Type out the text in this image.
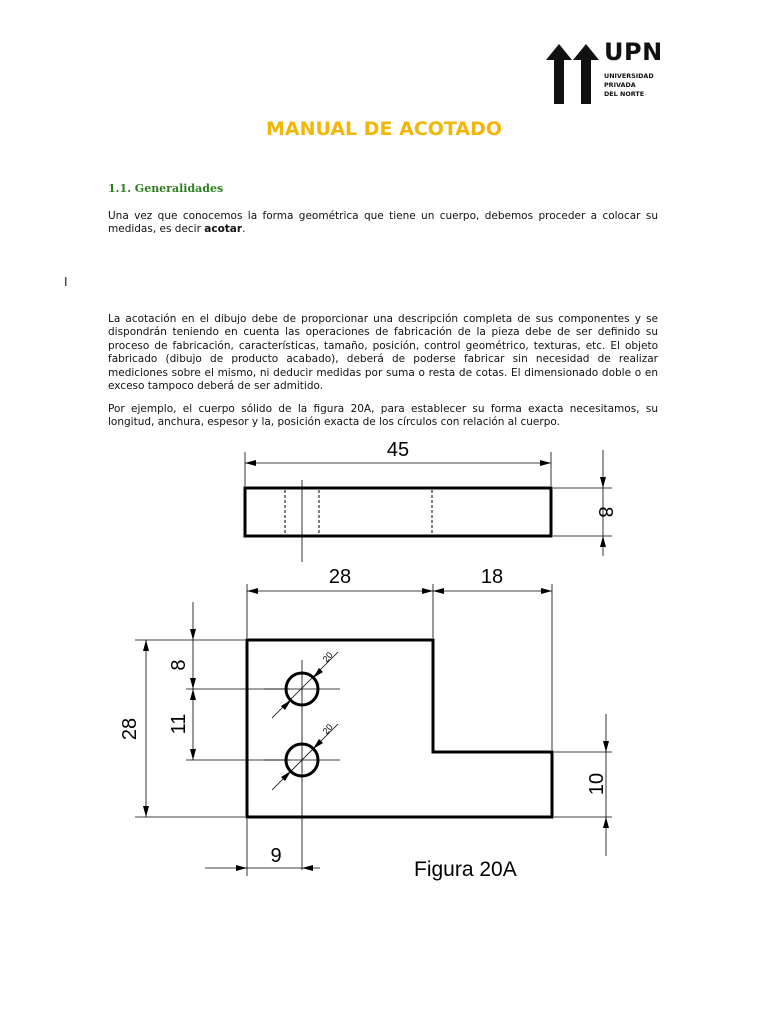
UPN
UNIVERSIDAD
PRIVADA
DEL NORTE
MANUAL DE ACOTADO
1.1. Generalidades

Una vez que conocemos la forma geométrica que tiene un cuerpo, debemos proceder a colocar su medidas, es decir acotar.

I

La acotación en el dibujo debe de proporcionar una descripción completa de sus componentes y se dispondrán teniendo en cuenta las operaciones de fabricación de la pieza debe de ser definido su proceso de fabricación, características, tamaño, posición, control geométrico, texturas, etc. El objeto fabricado (dibujo de producto acabado), deberá de poderse fabricar sin necesidad de realizar mediciones sobre el mismo, ni deducir medidas por suma o resta de cotas. El dimensionado doble o en exceso tampoco deberá de ser admitido.

Por ejemplo, el cuerpo sólido de la figura 20A, para establecer su forma exacta necesitamos, su longitud, anchura, espesor y la, posición exacta de los círculos con relación al cuerpo.

45
8
28	18
28
8
11
10
9
20
20
Figura 20A
